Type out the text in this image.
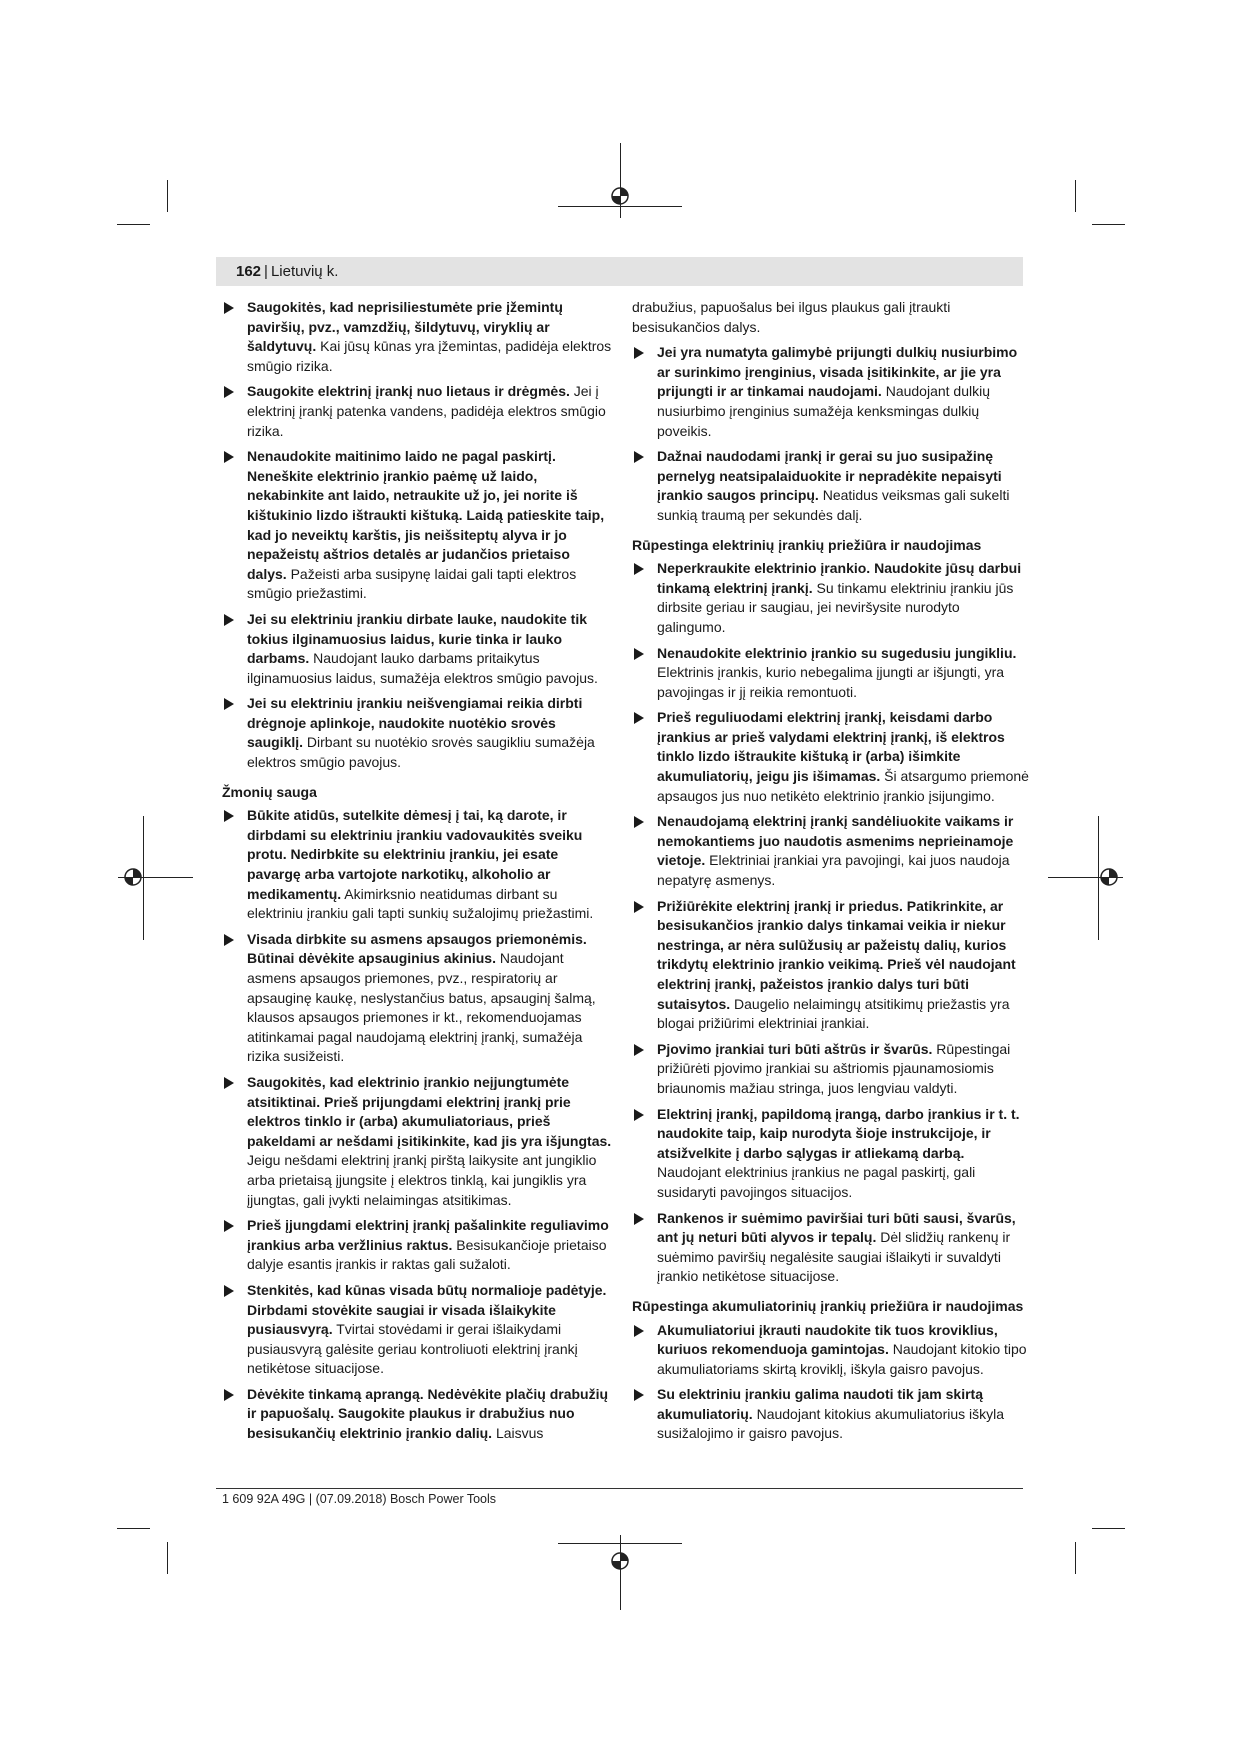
162 | Lietuvių k.
Saugokitės, kad neprisiliestumėte prie įžemintų paviršių, pvz., vamzdžių, šildytuvų, viryklių ar šaldytuvų. Kai jūsų kūnas yra įžemintas, padidėja elektros smūgio rizika.
Saugokite elektrinį įrankį nuo lietaus ir drėgmės. Jei į elektrinį įrankį patenka vandens, padidėja elektros smūgio rizika.
Nenaudokite maitinimo laido ne pagal paskirtį. Neneškite elektrinio įrankio paėmę už laido, nekabinkite ant laido, netraukite už jo, jei norite iš kištukinio lizdo ištraukti kištuką. Laidą patieskite taip, kad jo neveiktų karštis, jis neišsiteptų alyva ir jo nepažeistų aštrios detalės ar judančios prietaiso dalys. Pažeisti arba susipynę laidai gali tapti elektros smūgio priežastimi.
Jei su elektriniu įrankiu dirbate lauke, naudokite tik tokius ilginamuosius laidus, kurie tinka ir lauko darbams. Naudojant lauko darbams pritaikytus ilginamuosius laidus, sumažėja elektros smūgio pavojus.
Jei su elektriniu įrankiu neišvengiamai reikia dirbti drėgnoje aplinkoje, naudokite nuotėkio srovės saugiklį. Dirbant su nuotėkio srovės saugikliu sumažėja elektros smūgio pavojus.
Žmonių sauga
Būkite atidūs, sutelkite dėmesį į tai, ką darote, ir dirbdami su elektriniu įrankiu vadovaukitės sveiku protu. Nedirbkite su elektriniu įrankiu, jei esate pavargę arba vartojote narkotikų, alkoholio ar medikamentų. Akimirksnio neatidumas dirbant su elektriniu įrankiu gali tapti sunkių sužalojimų priežastimi.
Visada dirbkite su asmens apsaugos priemonėmis. Būtinai dėvėkite apsauginius akinius. Naudojant asmens apsaugos priemones, pvz., respiratorių ar apsauginę kaukę, neslystančius batus, apsauginį šalmą, klausos apsaugos priemones ir kt., rekomenduojamas atitinkamai pagal naudojamą elektrinį įrankį, sumažėja rizika susižeisti.
Saugokitės, kad elektrinio įrankio neįjungtumėte atsitiktinai. Prieš prijungdami elektrinį įrankį prie elektros tinklo ir (arba) akumuliatoriaus, prieš pakeldami ar nešdami įsitikinkite, kad jis yra išjungtas. Jeigu nešdami elektrinį įrankį pirštą laikysite ant jungiklio arba prietaisą įjungsite į elektros tinklą, kai jungiklis yra įjungtas, gali įvykti nelaimingas atsitikimas.
Prieš įjungdami elektrinį įrankį pašalinkite reguliavimo įrankius arba veržlinius raktus. Besisukančioje prietaiso dalyje esantis įrankis ir raktas gali sužaloti.
Stenkitės, kad kūnas visada būtų normalioje padėtyje. Dirbdami stovėkite saugiai ir visada išlaikykite pusiausvyrą. Tvirtai stovėdami ir gerai išlaikydami pusiausvyrą galėsite geriau kontroliuoti elektrinį įrankį netikėtose situacijose.
Dėvėkite tinkamą aprangą. Nedėvėkite plačių drabužių ir papuošalų. Saugokite plaukus ir drabužius nuo besisukančių elektrinio įrankio dalių. Laisvus
drabužius, papuošalus bei ilgus plaukus gali įtraukti besisukančios dalys.
Jei yra numatyta galimybė prijungti dulkių nusiurbimo ar surinkimo įrenginius, visada įsitikinkite, ar jie yra prijungti ir ar tinkamai naudojami. Naudojant dulkių nusiurbimo įrenginius sumažėja kenksmingas dulkių poveikis.
Dažnai naudodami įrankį ir gerai su juo susipažinę pernelyg neatsipalaiduokite ir nepradėkite nepaisyti įrankio saugos principų. Neatidus veiksmas gali sukelti sunkią traumą per sekundės dalį.
Rūpestinga elektrinių įrankių priežiūra ir naudojimas
Neperkraukite elektrinio įrankio. Naudokite jūsų darbui tinkamą elektrinį įrankį. Su tinkamu elektriniu įrankiu jūs dirbsite geriau ir saugiau, jei neviršysite nurodyto galingumo.
Nenaudokite elektrinio įrankio su sugedusiu jungikliu. Elektrinis įrankis, kurio nebegalima įjungti ar išjungti, yra pavojingas ir jį reikia remontuoti.
Prieš reguliuodami elektrinį įrankį, keisdami darbo įrankius ar prieš valydami elektrinį įrankį, iš elektros tinklo lizdo ištraukite kištuką ir (arba) išimkite akumuliatorių, jeigu jis išimamas. Ši atsargumo priemonė apsaugos jus nuo netikėto elektrinio įrankio įsijungimo.
Nenaudojamą elektrinį įrankį sandėliuokite vaikams ir nemokantiems juo naudotis asmenims neprieinamoje vietoje. Elektriniai įrankiai yra pavojingi, kai juos naudoja nepatyrę asmenys.
Prižiūrėkite elektrinį įrankį ir priedus. Patikrinkite, ar besisukančios įrankio dalys tinkamai veikia ir niekur nestringa, ar nėra sulūžusių ar pažeistų dalių, kurios trikdytų elektrinio įrankio veikimą. Prieš vėl naudojant elektrinį įrankį, pažeistos įrankio dalys turi būti sutaisytos. Daugelio nelaimingų atsitikimų priežastis yra blogai prižiūrimi elektriniai įrankiai.
Pjovimo įrankiai turi būti aštrūs ir švarūs. Rūpestingai prižiūrėti pjovimo įrankiai su aštriomis pjaunamosiomis briaunomis mažiau stringa, juos lengviau valdyti.
Elektrinį įrankį, papildomą įrangą, darbo įrankius ir t. t. naudokite taip, kaip nurodyta šioje instrukcijoje, ir atsižvelkite į darbo sąlygas ir atliekamą darbą. Naudojant elektrinius įrankius ne pagal paskirtį, gali susidaryti pavojingos situacijos.
Rankenos ir suėmimo paviršiai turi būti sausi, švarūs, ant jų neturi būti alyvos ir tepalų. Dėl slidžių rankenų ir suėmimo paviršių negalėsite saugiai išlaikyti ir suvaldyti įrankio netikėtose situacijose.
Rūpestinga akumuliatorinių įrankių priežiūra ir naudojimas
Akumuliatoriui įkrauti naudokite tik tuos kroviklius, kuriuos rekomenduoja gamintojas. Naudojant kitokio tipo akumuliatoriams skirtą kroviklį, iškyla gaisro pavojus.
Su elektriniu įrankiu galima naudoti tik jam skirtą akumuliatorių. Naudojant kitokius akumuliatorius iškyla susižalojimo ir gaisro pavojus.
1 609 92A 49G | (07.09.2018) Bosch Power Tools
